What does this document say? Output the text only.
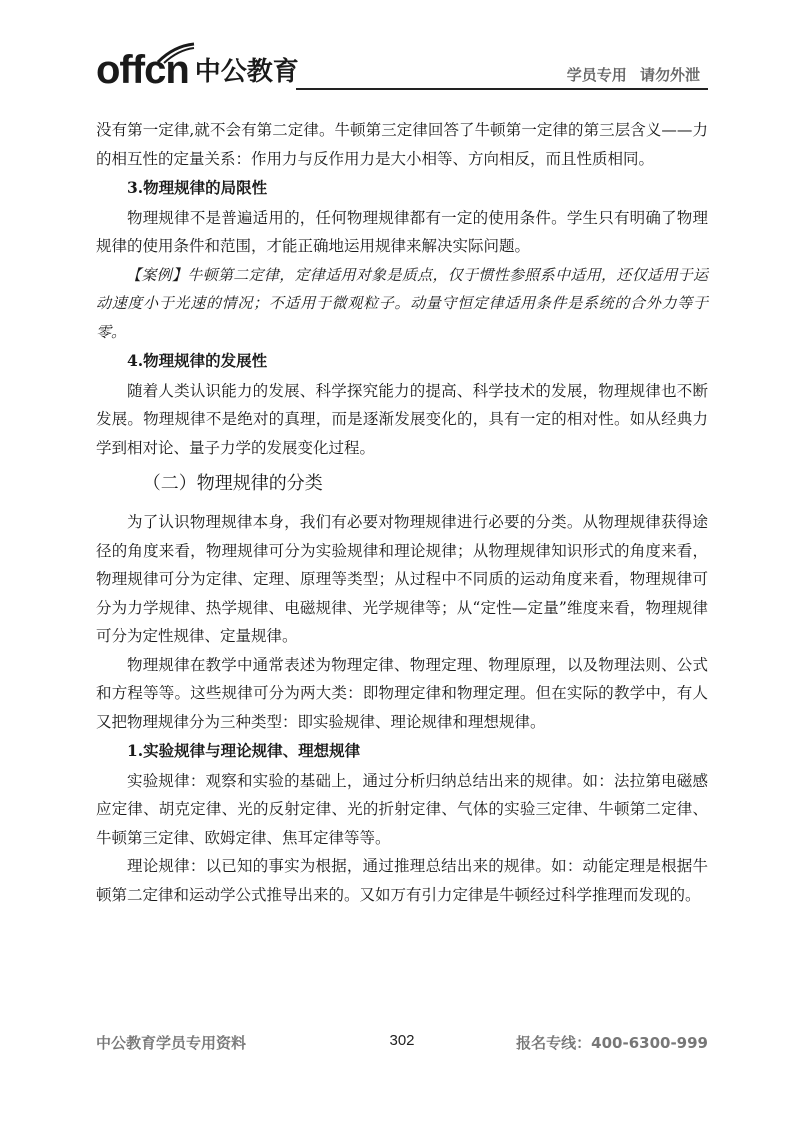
offcn 中公教育	学员专用 请勿外泄

没有第一定律,就不会有第二定律。牛顿第三定律回答了牛顿第一定律的第三层含义——力的相互性的定量关系：作用力与反作用力是大小相等、方向相反，而且性质相同。

3.物理规律的局限性

物理规律不是普遍适用的，任何物理规律都有一定的使用条件。学生只有明确了物理规律的使用条件和范围，才能正确地运用规律来解决实际问题。

【案例】牛顿第二定律，定律适用对象是质点，仅于惯性参照系中适用，还仅适用于运动速度小于光速的情况；不适用于微观粒子。动量守恒定律适用条件是系统的合外力等于零。

4.物理规律的发展性

随着人类认识能力的发展、科学探究能力的提高、科学技术的发展，物理规律也不断发展。物理规律不是绝对的真理，而是逐渐发展变化的，具有一定的相对性。如从经典力学到相对论、量子力学的发展变化过程。

（二）物理规律的分类

为了认识物理规律本身，我们有必要对物理规律进行必要的分类。从物理规律获得途径的角度来看，物理规律可分为实验规律和理论规律；从物理规律知识形式的角度来看，物理规律可分为定律、定理、原理等类型；从过程中不同质的运动角度来看，物理规律可分为力学规律、热学规律、电磁规律、光学规律等；从“定性—定量”维度来看，物理规律可分为定性规律、定量规律。

物理规律在教学中通常表述为物理定律、物理定理、物理原理，以及物理法则、公式和方程等等。这些规律可分为两大类：即物理定律和物理定理。但在实际的教学中，有人又把物理规律分为三种类型：即实验规律、理论规律和理想规律。

1.实验规律与理论规律、理想规律

实验规律：观察和实验的基础上，通过分析归纳总结出来的规律。如：法拉第电磁感应定律、胡克定律、光的反射定律、光的折射定律、气体的实验三定律、牛顿第二定律、牛顿第三定律、欧姆定律、焦耳定律等等。

理论规律：以已知的事实为根据，通过推理总结出来的规律。如：动能定理是根据牛顿第二定律和运动学公式推导出来的。又如万有引力定律是牛顿经过科学推理而发现的。

中公教育学员专用资料	302	报名专线：400-6300-999
